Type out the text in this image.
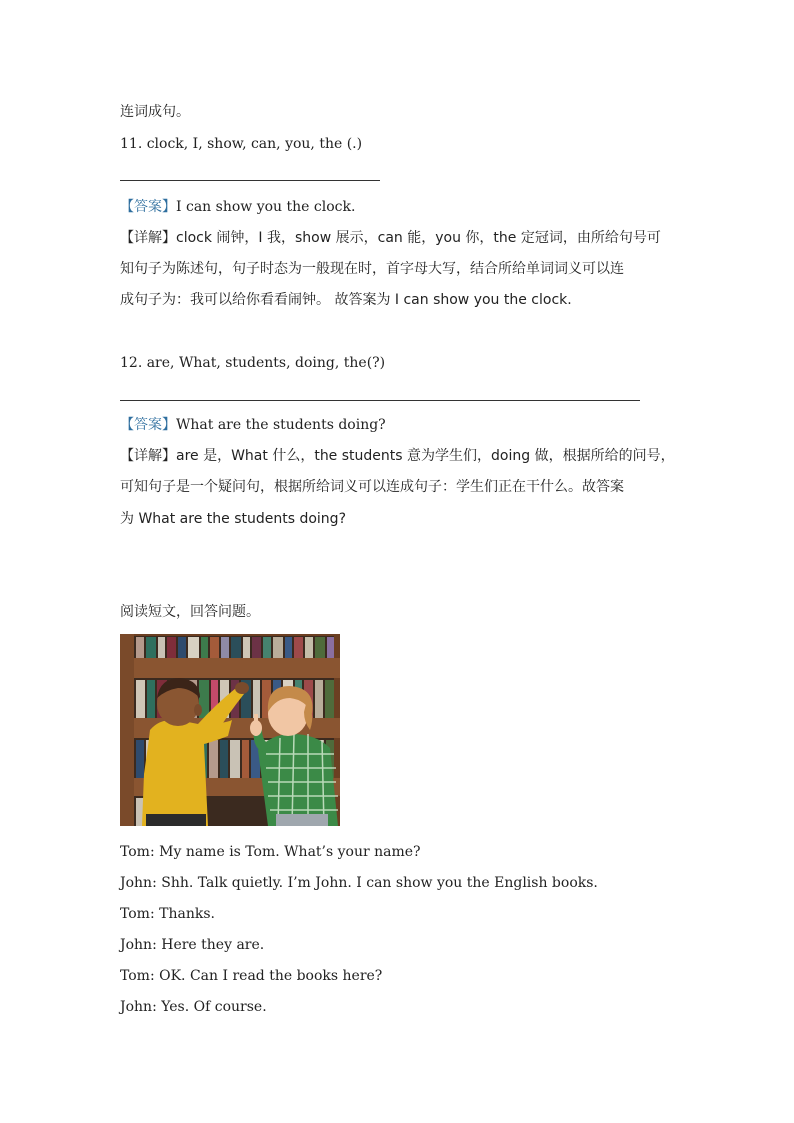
连词成句。
11. clock, I, show, can, you, the (.)
【答案】I can show you the clock.
【详解】clock 闹钟，I 我，show 展示，can 能，you 你，the 定冠词，由所给句号可
知句子为陈述句，句子时态为一般现在时，首字母大写，结合所给单词词义可以连
成句子为：我可以给你看看闹钟。 故答案为 I can show you the clock.
12. are, What, students, doing, the(?)
【答案】What are the students doing?
【详解】are 是，What 什么，the students 意为学生们，doing 做，根据所给的问号，
可知句子是一个疑问句，根据所给词义可以连成句子：学生们正在干什么。故答案
为 What are the students doing?
阅读短文，回答问题。
Tom: My name is Tom. What’s your name?
John: Shh. Talk quietly. I’m John. I can show you the English books.
Tom: Thanks.
John: Here they are.
Tom: OK. Can I read the books here?
John: Yes. Of course.
